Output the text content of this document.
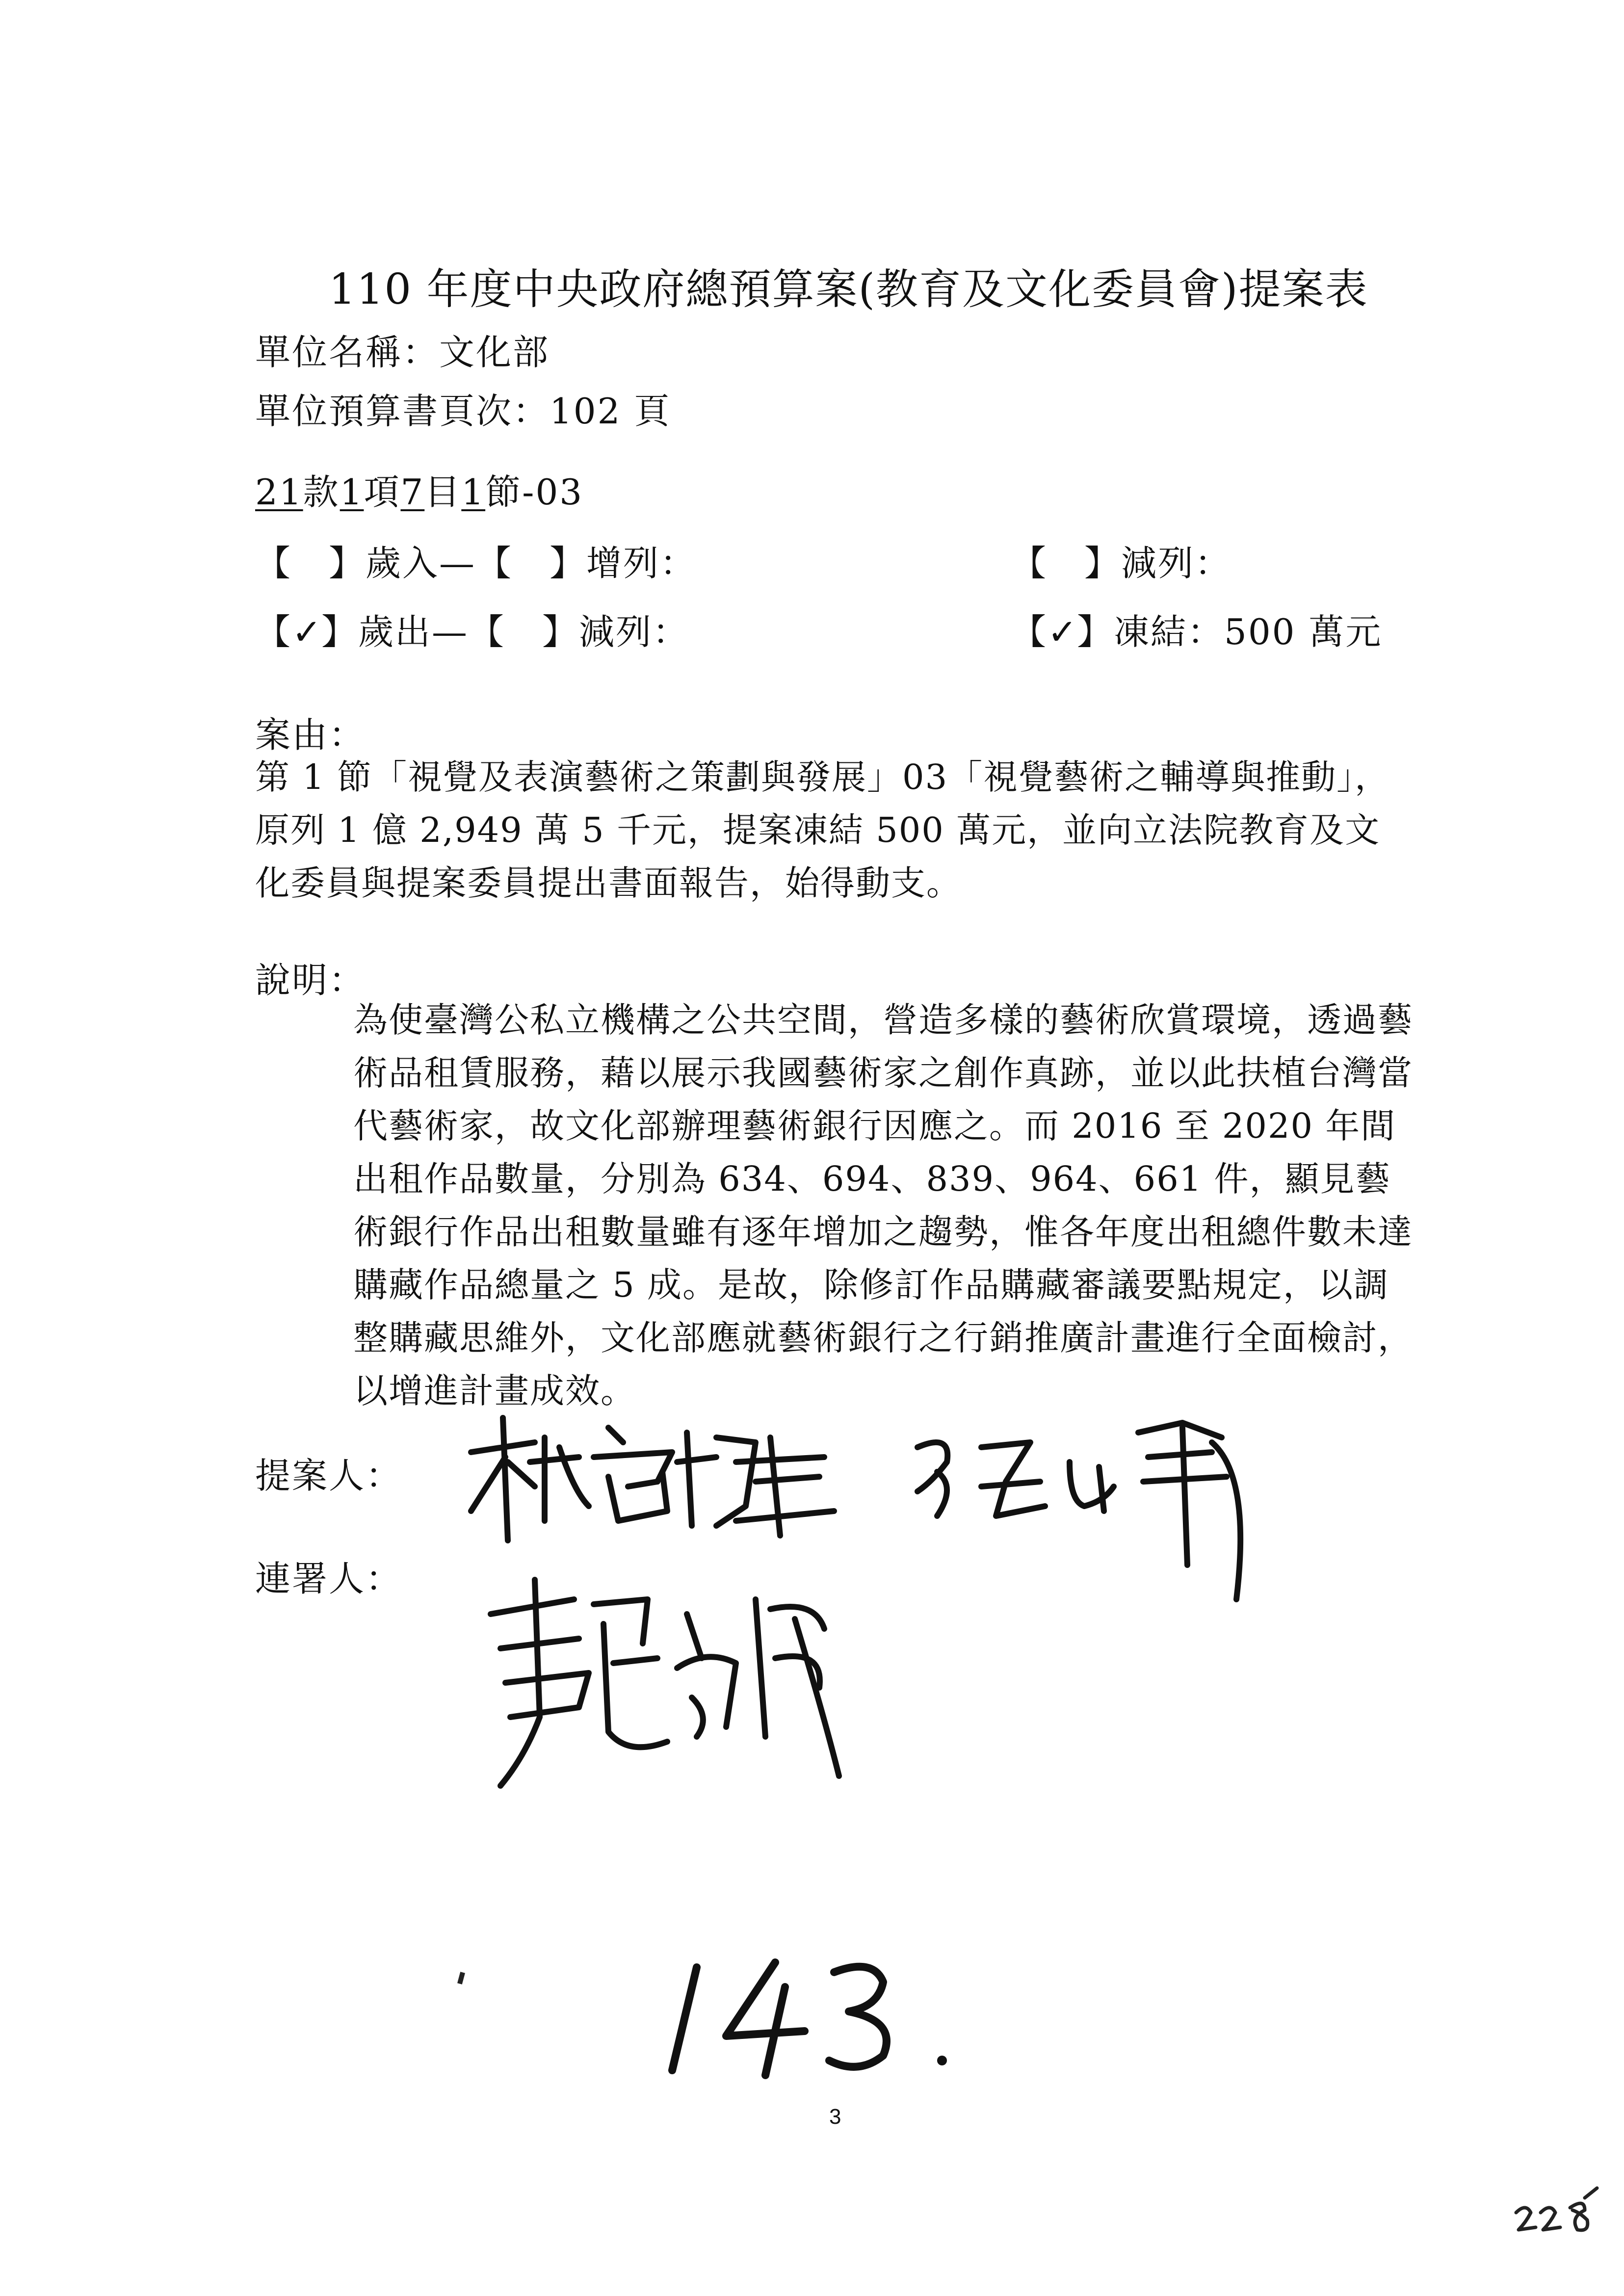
110 年度中央政府總預算案(教育及文化委員會)提案表
單位名稱：文化部
單位預算書頁次：102 頁
21款1項7目1節-03
【　】歲入—【　】增列：	【　】減列：
【✓】歲出—【　】減列：	【✓】凍結：500 萬元
案由：
第 1 節「視覺及表演藝術之策劃與發展」03「視覺藝術之輔導與推動」，原列 1 億 2,949 萬 5 千元，提案凍結 500 萬元，並向立法院教育及文化委員與提案委員提出書面報告，始得動支。
說明：
為使臺灣公私立機構之公共空間，營造多樣的藝術欣賞環境，透過藝術品租賃服務，藉以展示我國藝術家之創作真跡，並以此扶植台灣當代藝術家，故文化部辦理藝術銀行因應之。而 2016 至 2020 年間出租作品數量，分別為 634、694、839、964、661 件，顯見藝術銀行作品出租數量雖有逐年增加之趨勢，惟各年度出租總件數未達購藏作品總量之 5 成。是故，除修訂作品購藏審議要點規定，以調整購藏思維外，文化部應就藝術銀行之行銷推廣計畫進行全面檢討，以增進計畫成效。
提案人：
連署人：
3
